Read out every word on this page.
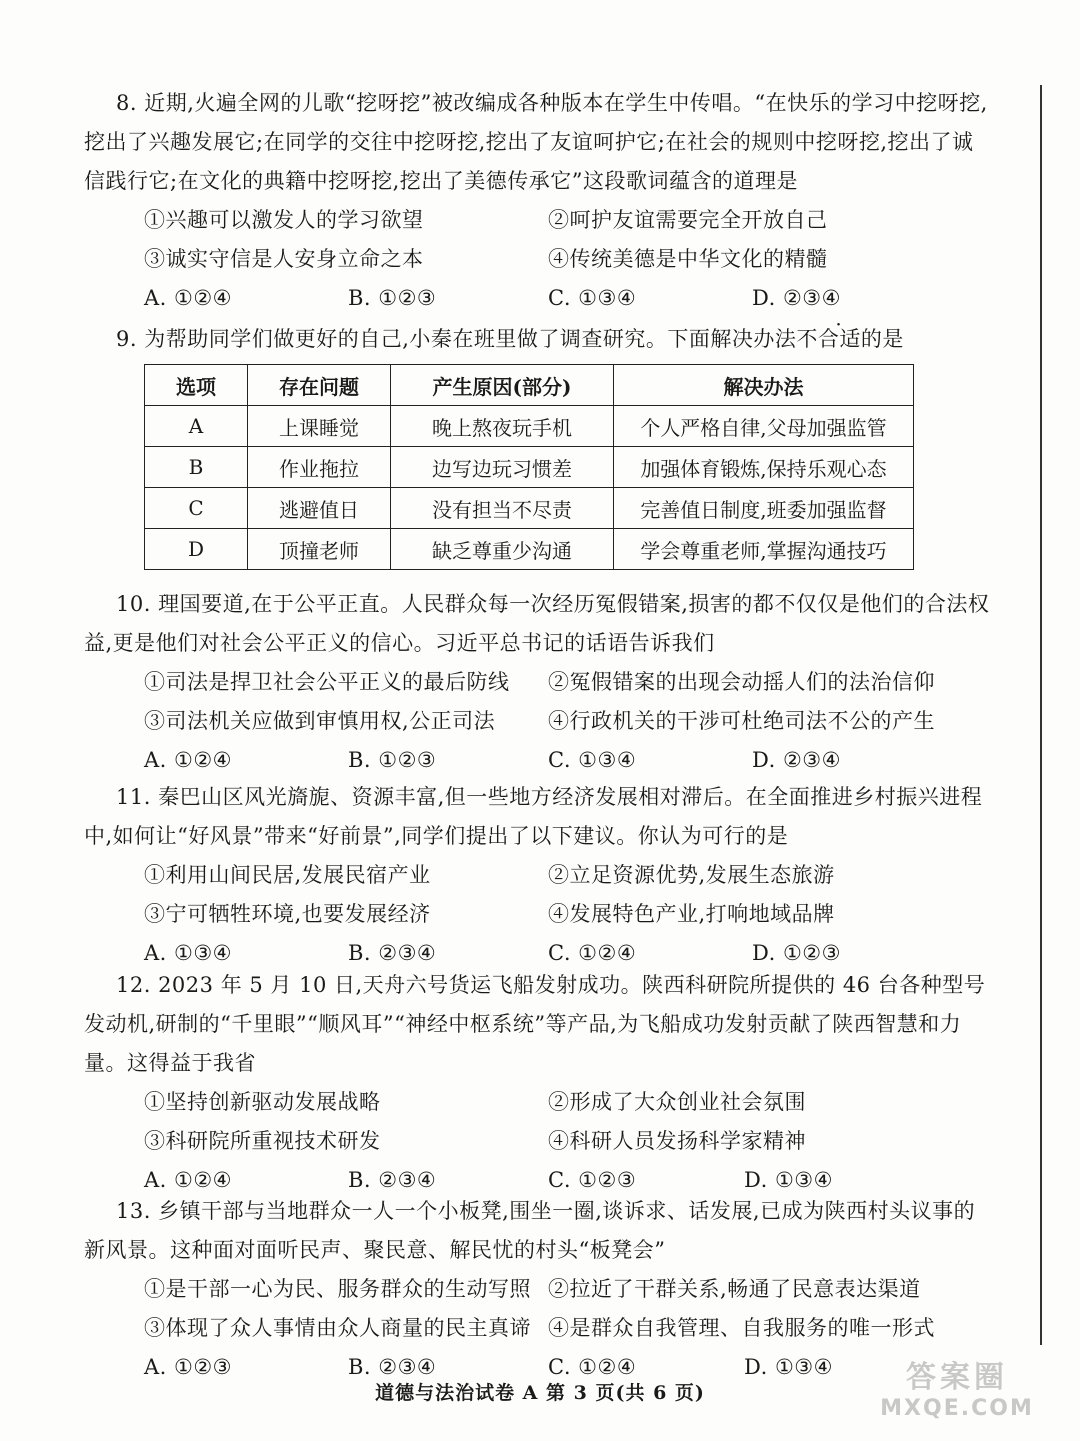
8. 近期,火遍全网的儿歌“挖呀挖”被改编成各种版本在学生中传唱。“在快乐的学习中挖呀挖,挖出了兴趣发展它;在同学的交往中挖呀挖,挖出了友谊呵护它;在社会的规则中挖呀挖,挖出了诚信践行它;在文化的典籍中挖呀挖,挖出了美德传承它”这段歌词蕴含的道理是

①兴趣可以激发人的学习欲望	②呵护友谊需要完全开放自己
③诚实守信是人安身立命之本	④传统美德是中华文化的精髓
A. ①②④	B. ①②③	C. ①③④	D. ②③④

9. 为帮助同学们做更好的自己,小秦在班里做了调查研究。下面解决办法不合适的是

选项	存在问题	产生原因(部分)	解决办法
A	上课睡觉	晚上熬夜玩手机	个人严格自律,父母加强监管
B	作业拖拉	边写边玩习惯差	加强体育锻炼,保持乐观心态
C	逃避值日	没有担当不尽责	完善值日制度,班委加强监督
D	顶撞老师	缺乏尊重少沟通	学会尊重老师,掌握沟通技巧

10. 理国要道,在于公平正直。人民群众每一次经历冤假错案,损害的都不仅仅是他们的合法权益,更是他们对社会公平正义的信心。习近平总书记的话语告诉我们

①司法是捍卫社会公平正义的最后防线 ②冤假错案的出现会动摇人们的法治信仰
③司法机关应做到审慎用权,公正司法	④行政机关的干涉可杜绝司法不公的产生
A. ①②④	B. ①②③	C. ①③④	D. ②③④

11. 秦巴山区风光旖旎、资源丰富,但一些地方经济发展相对滞后。在全面推进乡村振兴进程中,如何让“好风景”带来“好前景”,同学们提出了以下建议。你认为可行的是

①利用山间民居,发展民宿产业	②立足资源优势,发展生态旅游
③宁可牺牲环境,也要发展经济	④发展特色产业,打响地域品牌
A. ①③④	B. ②③④	C. ①②④	D. ①②③

12. 2023 年 5 月 10 日,天舟六号货运飞船发射成功。陕西科研院所提供的 46 台各种型号发动机,研制的“千里眼”“顺风耳”“神经中枢系统”等产品,为飞船成功发射贡献了陕西智慧和力量。这得益于我省

①坚持创新驱动发展战略	②形成了大众创业社会氛围
③科研院所重视技术研发	④科研人员发扬科学家精神
A. ①②④	B. ②③④	C. ①②③	D. ①③④

13. 乡镇干部与当地群众一人一个小板凳,围坐一圈,谈诉求、话发展,已成为陕西村头议事的新风景。这种面对面听民声、聚民意、解民忧的村头“板凳会”

①是干部一心为民、服务群众的生动写照 ②拉近了干群关系,畅通了民意表达渠道
③体现了众人事情由众人商量的民主真谛 ④是群众自我管理、自我服务的唯一形式
A. ①②③	B. ②③④	C. ①②④	D. ①③④
道德与法治试卷 A 第 3 页(共 6 页)	答案圈
MXQE.COM
